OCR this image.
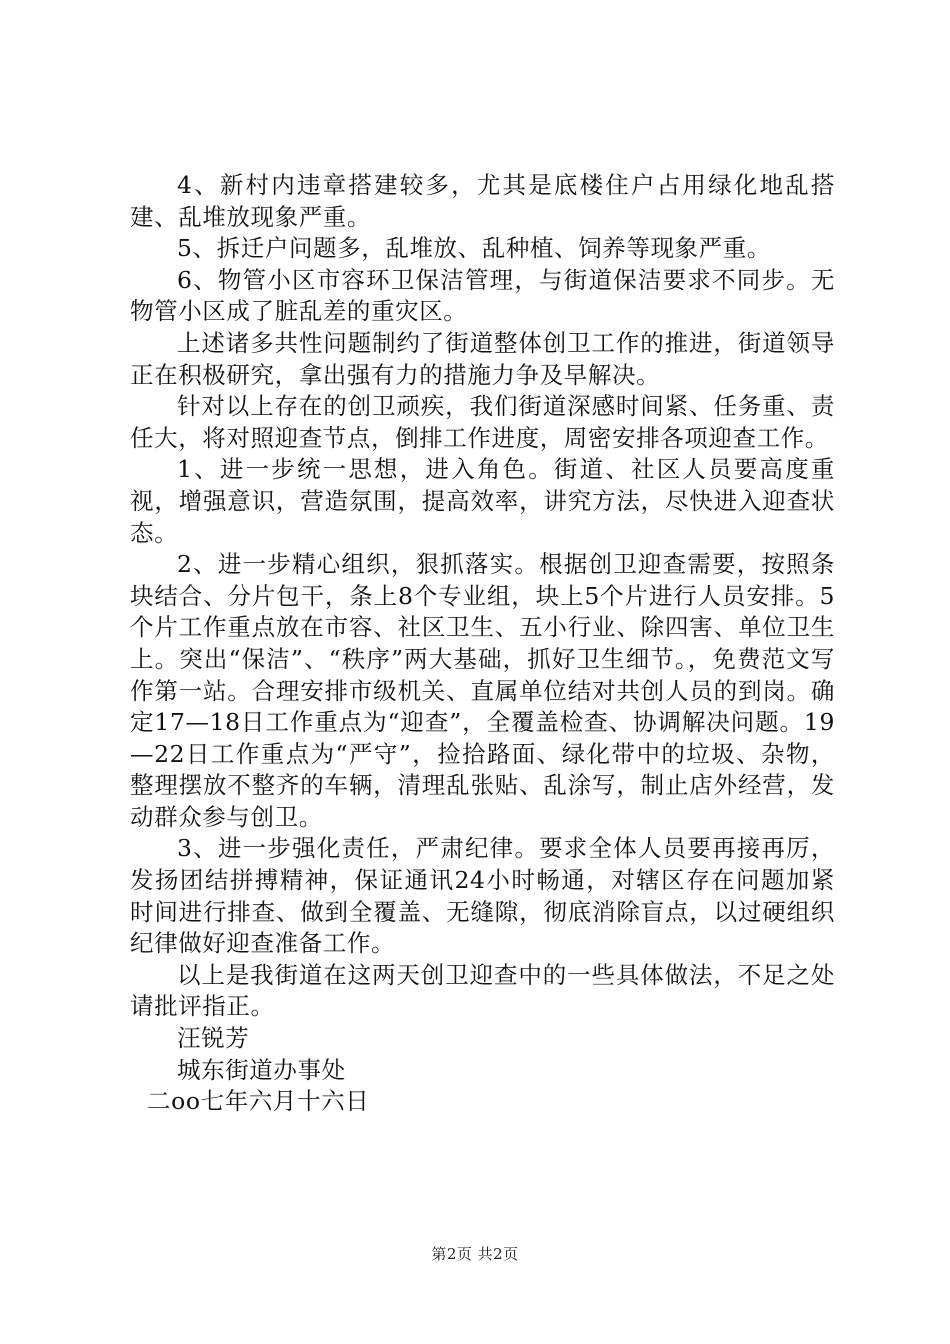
4、新村内违章搭建较多，尤其是底楼住户占用绿化地乱搭建、乱堆放现象严重。

5、拆迁户问题多，乱堆放、乱种植、饲养等现象严重。

6、物管小区市容环卫保洁管理，与街道保洁要求不同步。无物管小区成了脏乱差的重灾区。

上述诸多共性问题制约了街道整体创卫工作的推进，街道领导正在积极研究，拿出强有力的措施力争及早解决。

针对以上存在的创卫顽疾，我们街道深感时间紧、任务重、责任大，将对照迎查节点，倒排工作进度，周密安排各项迎查工作。

1、进一步统一思想，进入角色。街道、社区人员要高度重视，增强意识，营造氛围，提高效率，讲究方法，尽快进入迎查状态。

2、进一步精心组织，狠抓落实。根据创卫迎查需要，按照条块结合、分片包干，条上8个专业组，块上5个片进行人员安排。5个片工作重点放在市容、社区卫生、五小行业、除四害、单位卫生上。突出“保洁”、“秩序”两大基础，抓好卫生细节。，免费范文写作第一站。合理安排市级机关、直属单位结对共创人员的到岗。确定17—18日工作重点为“迎查”，全覆盖检查、协调解决问题。19—22日工作重点为“严守”，捡拾路面、绿化带中的垃圾、杂物，整理摆放不整齐的车辆，清理乱张贴、乱涂写，制止店外经营，发动群众参与创卫。

3、进一步强化责任，严肃纪律。要求全体人员要再接再厉，发扬团结拼搏精神，保证通讯24小时畅通，对辖区存在问题加紧时间进行排查、做到全覆盖、无缝隙，彻底消除盲点，以过硬组织纪律做好迎查准备工作。

以上是我街道在这两天创卫迎查中的一些具体做法，不足之处请批评指正。

汪锐芳

城东街道办事处

二oo七年六月十六日

第2页 共2页
